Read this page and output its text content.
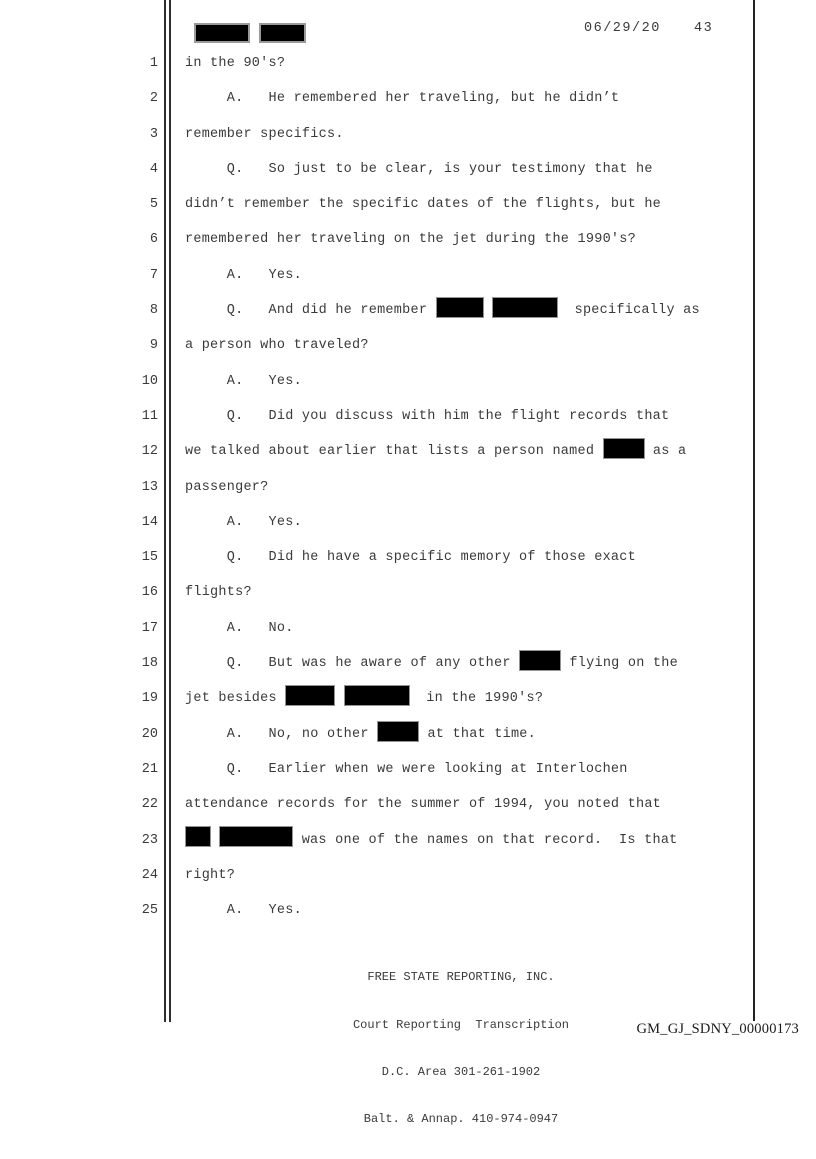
06/29/20 43
1 in the 90's?
2 A.   He remembered her traveling, but he didn’t
3 remember specifics.
4 Q.   So just to be clear, is your testimony that he
5 didn’t remember the specific dates of the flights, but he
6 remembered her traveling on the jet during the 1990's?
7 A.   Yes.
8 Q.   And did he remember	specifically as
9 a person who traveled?
10 A.   Yes.
11 Q.   Did you discuss with him the flight records that
12 we talked about earlier that lists a person named	as a
13 passenger?
14 A.   Yes.
15 Q.   Did he have a specific memory of those exact
16 flights?
17 A.   No.
18 Q.   But was he aware of any other	flying on the
19 jet besides	in the 1990's?
20 A.   No, no other	at that time.
21 Q.   Earlier when we were looking at Interlochen
22 attendance records for the summer of 1994, you noted that
23	was one of the names on that record.  Is that
24 right?
25 A.   Yes.

FREE STATE REPORTING, INC.

Court Reporting  Transcription

D.C. Area 301-261-1902

Balt. & Annap. 410-974-0947

GM_GJ_SDNY_00000173
